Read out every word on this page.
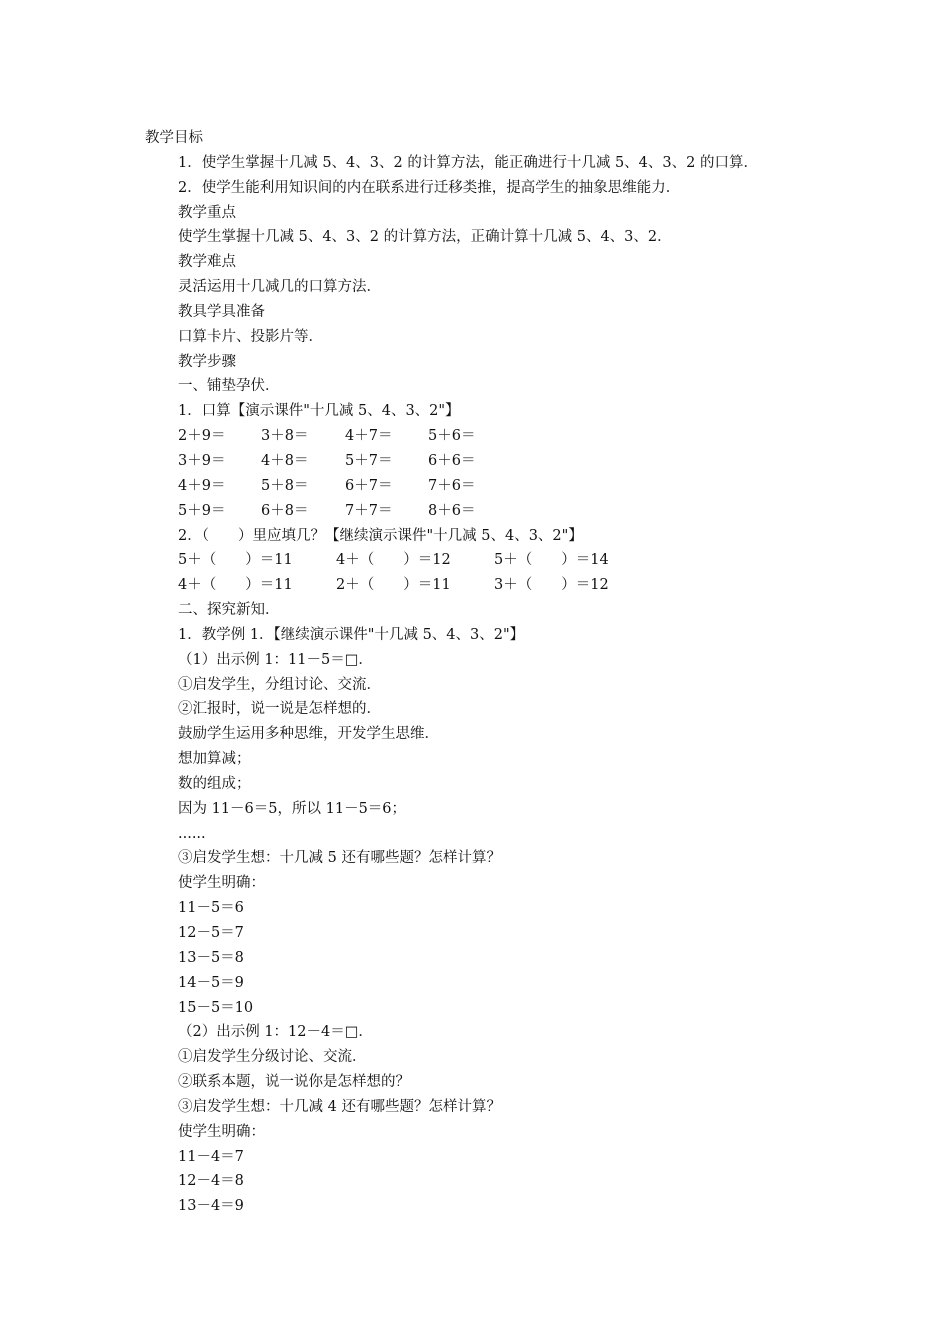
教学目标
1．使学生掌握十几减 5、4、3、2 的计算方法，能正确进行十几减 5、4、3、2 的口算．
2．使学生能利用知识间的内在联系进行迁移类推，提高学生的抽象思维能力．
教学重点
使学生掌握十几减 5、4、3、2 的计算方法，正确计算十几减 5、4、3、2．
教学难点
灵活运用十几减几的口算方法．
教具学具准备
口算卡片、投影片等．
教学步骤
一、铺垫孕伏．
1．口算【演示课件"十几减 5、4、3、2"】
2＋9＝ 3＋8＝	4＋7＝ 5＋6＝
3＋9＝ 4＋8＝	5＋7＝ 6＋6＝
4＋9＝ 5＋8＝	6＋7＝ 7＋6＝
5＋9＝ 6＋8＝	7＋7＝ 8＋6＝
2．（　　）里应填几？【继续演示课件"十几减 5、4、3、2"】
5＋（　　）＝11	4＋（　　）＝12	5＋（　　）＝14
4＋（　　）＝11	2＋（　　）＝11	3＋（　　）＝12
二、探究新知．
1．教学例 1．【继续演示课件"十几减 5、4、3、2"】
（1）出示例 1：11－5＝□．
①启发学生，分组讨论、交流．
②汇报时，说一说是怎样想的．
鼓励学生运用多种思维，开发学生思维．
想加算减；
数的组成；
因为 11－6＝5，所以 11－5＝6；
......
③启发学生想：十几减 5 还有哪些题？怎样计算？
使学生明确：
11－5＝6
12－5＝7
13－5＝8
14－5＝9
15－5＝10
（2）出示例 1：12－4＝□．
①启发学生分级讨论、交流．
②联系本题，说一说你是怎样想的？
③启发学生想：十几减 4 还有哪些题？怎样计算？
使学生明确：
11－4＝7
12－4＝8
13－4＝9
